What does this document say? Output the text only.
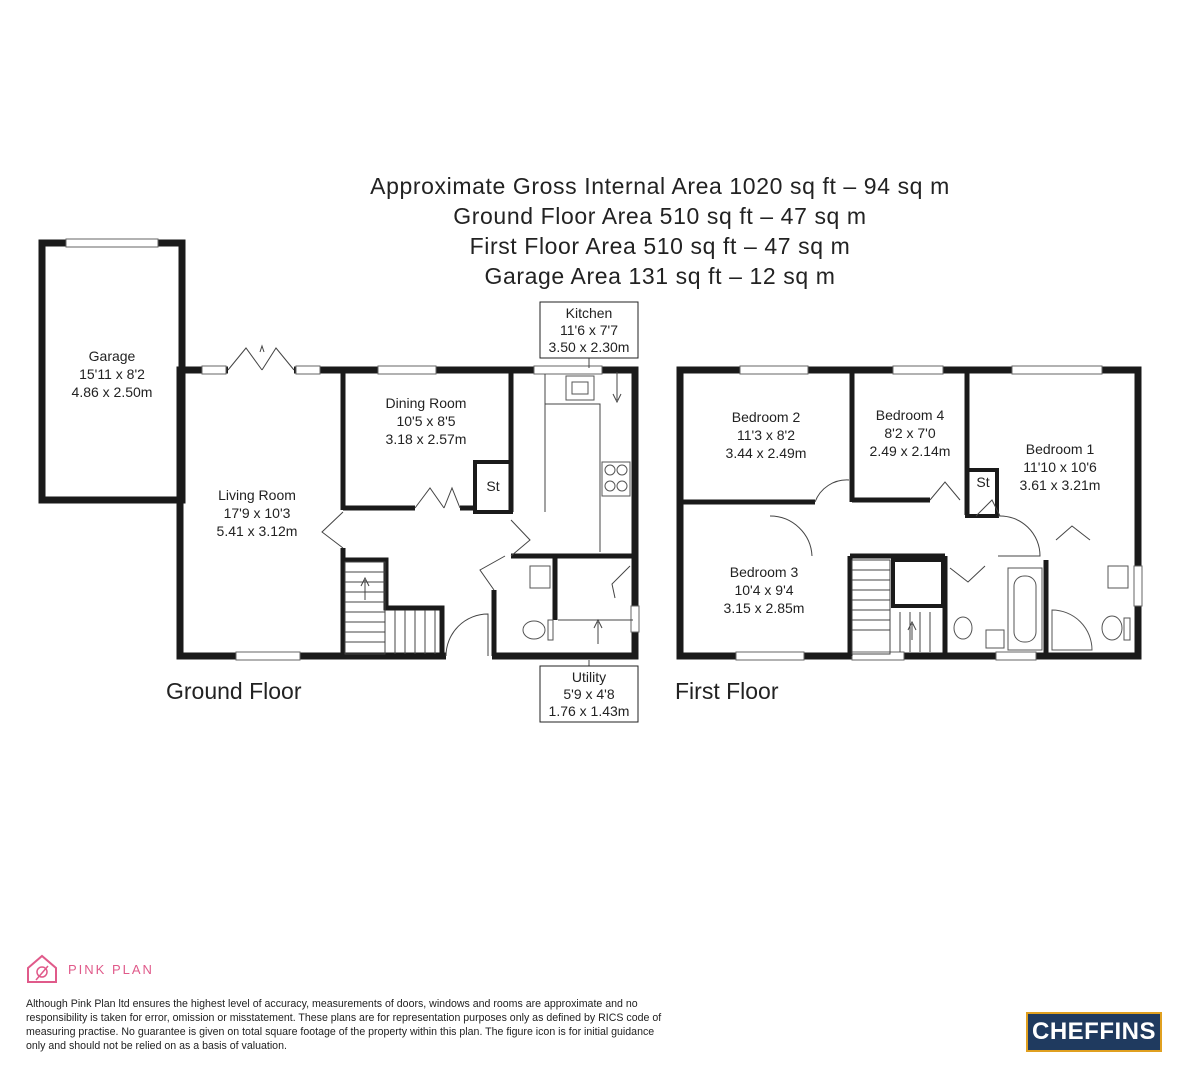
Approximate Gross Internal Area 1020 sq ft – 94 sq m
Ground Floor Area 510 sq ft – 47 sq m
First Floor Area 510 sq ft – 47 sq m
Garage Area 131 sq ft – 12 sq m
Kitchen
11'6 x 7'7
3.50 x 2.30m
Utility
5'9 x 4'8
1.76 x 1.43m
Garage
15'11 x 8'2
4.86 x 2.50m
Living Room
17'9 x 10'3
5.41 x 3.12m
Dining Room
10'5 x 8'5
3.18 x 2.57m
St
Bedroom 2
11'3 x 8'2
3.44 x 2.49m
Bedroom 4
8'2 x 7'0
2.49 x 2.14m	Bedroom 1
11'10 x 10'6
3.61 x 3.21m
Bedroom 3
10'4 x 9'4
3.15 x 2.85m
St
Ground Floor	First Floor
PINK PLAN
Although Pink Plan ltd ensures the highest level of accuracy, measurements of doors, windows and rooms are approximate and no responsibility is taken for error, omission or misstatement. These plans are for representation purposes only as defined by RICS code of measuring practise. No guarantee is given on total square footage of the property within this plan. The figure icon is for initial guidance only and should not be relied on as a basis of valuation.
CHEFFINS
